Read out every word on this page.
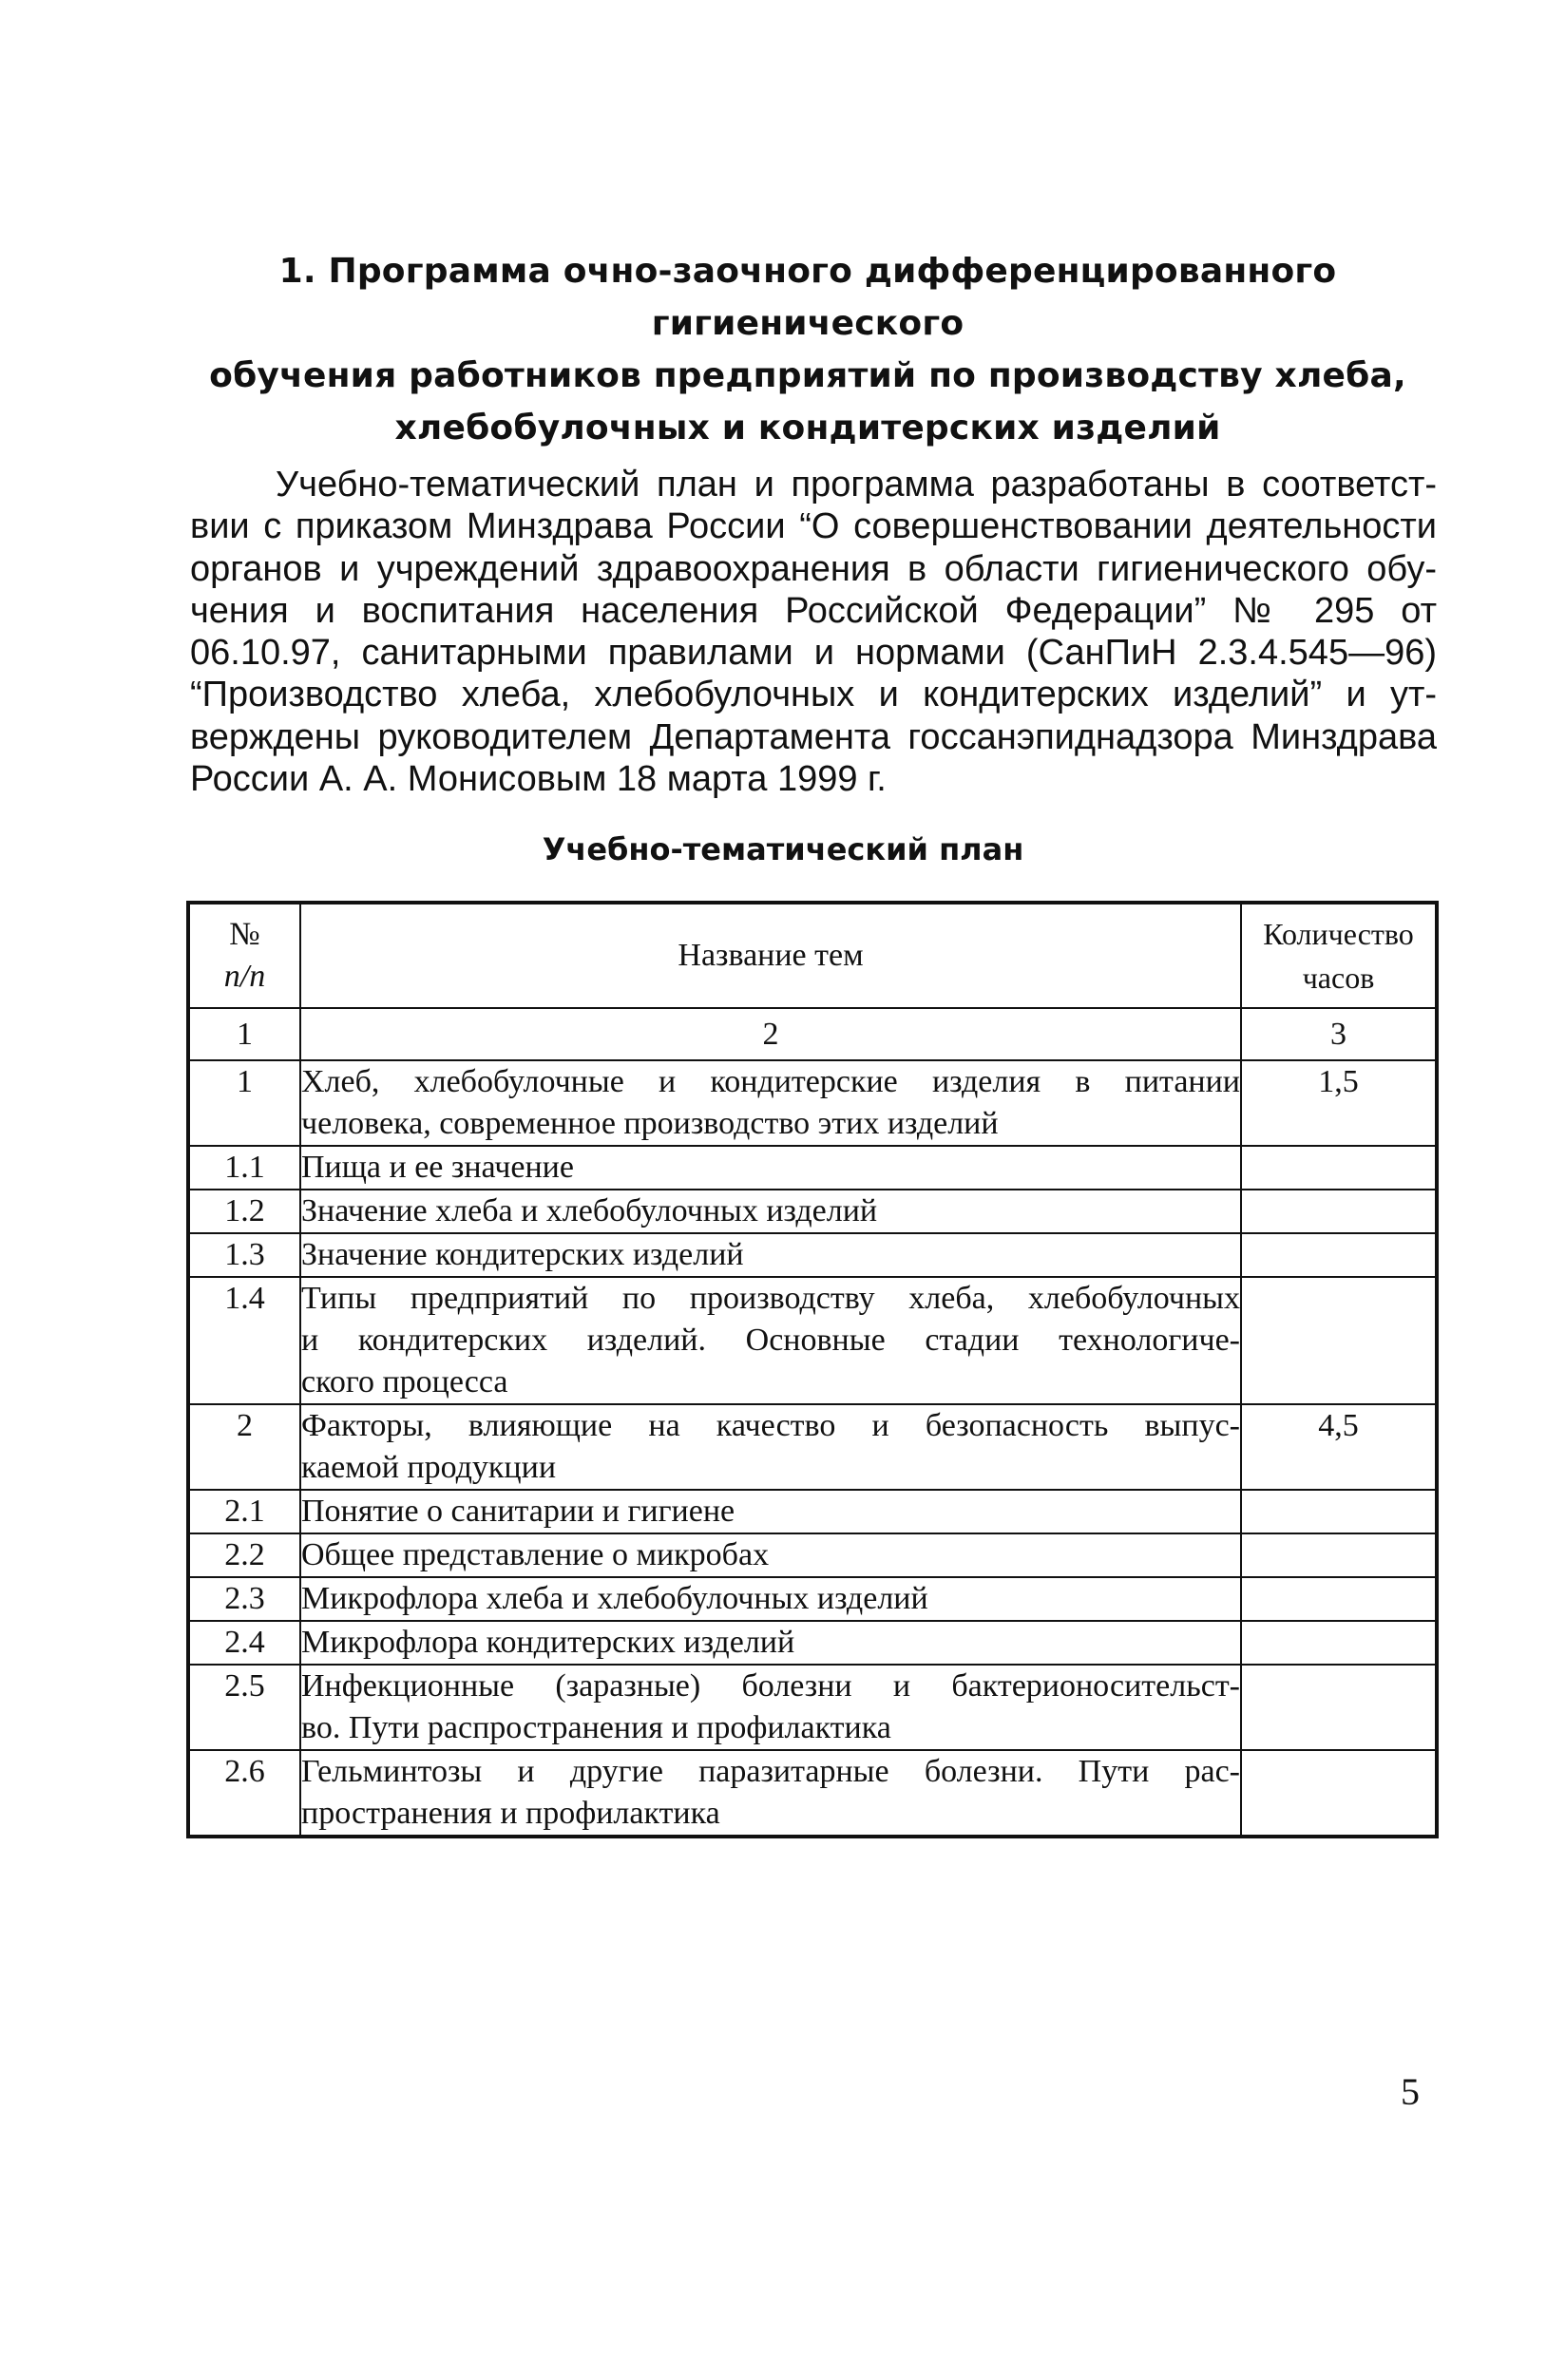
1. Программа очно-заочного дифференцированного гигиенического
обучения работников предприятий по производству хлеба,
хлебобулочных и кондитерских изделий
Учебно-тематический план и программа разработаны в соответст-
вии с приказом Минздрава России “О совершенствовании деятельности
органов и учреждений здравоохранения в области гигиенического обу-
чения и воспитания населения Российской Федерации” № 295 от
06.10.97, санитарными правилами и нормами (СанПиН 2.3.4.545—96)
“Производство хлеба, хлебобулочных и кондитерских изделий” и ут-
верждены руководителем Департамента госсанэпиднадзора Минздрава
России А. А. Монисовым 18 марта 1999 г.
Учебно-тематический план
№
п/п	Название тем	Количество
часов

1	2	3
1	Хлеб, хлебобулочные и кондитерские изделия в питании
человека, современное производство этих изделий	1,5
1.1	Пища и ее значение	

1.2	Значение хлеба и хлебобулочных изделий	

1.3	Значение кондитерских изделий	

1.4	Типы предприятий по производству хлеба, хлебобулочных
и кондитерских изделий. Основные стадии технологиче-
ского процесса	

2	Факторы, влияющие на качество и безопасность выпус-
каемой продукции	4,5
2.1	Понятие о санитарии и гигиене	

2.2	Общее представление о микробах	

2.3	Микрофлора хлеба и хлебобулочных изделий	

2.4	Микрофлора кондитерских изделий	

2.5	Инфекционные (заразные) болезни и бактерионосительст-
во. Пути распространения и профилактика	

2.6	Гельминтозы и другие паразитарные болезни. Пути рас-
пространения и профилактика	

5
